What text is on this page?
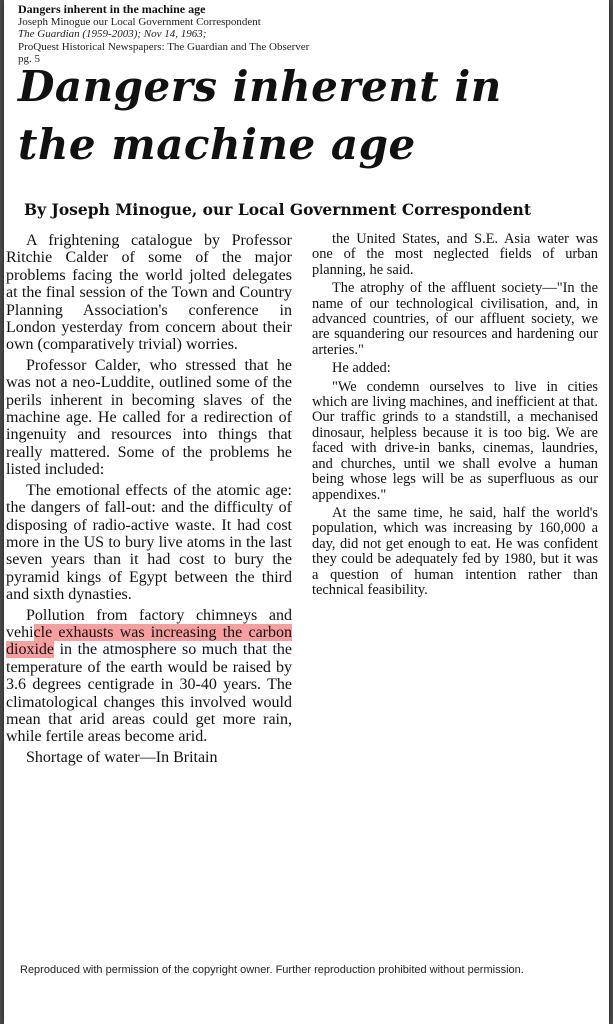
Dangers inherent in the machine age
Joseph Minogue our Local Government Correspondent
The Guardian (1959-2003); Nov 14, 1963;
ProQuest Historical Newspapers: The Guardian and The Observer
pg. 5
Dangers inherent in the machine age
By Joseph Minogue, our Local Government Correspondent

A frightening catalogue by Professor Ritchie Calder of some of the major problems facing the world jolted delegates at the final session of the Town and Country Planning Association's conference in London yesterday from concern about their own (comparatively trivial) worries.

Professor Calder, who stressed that he was not a neo-Luddite, outlined some of the perils inherent in becoming slaves of the machine age. He called for a redirection of ingenuity and resources into things that really mattered. Some of the problems he listed included:

The emotional effects of the atomic age: the dangers of fall-out: and the difficulty of disposing of radio-active waste. It had cost more in the US to bury live atoms in the last seven years than it had cost to bury the pyramid kings of Egypt between the third and sixth dynasties.

Pollution from factory chimneys and vehicle exhausts was increasing the carbon dioxide in the atmosphere so much that the temperature of the earth would be raised by 3.6 degrees centigrade in 30-40 years. The climatological changes this involved would mean that arid areas could get more rain, while fertile areas become arid.

Shortage of water—In Britain

the United States, and S.E. Asia water was one of the most neglected fields of urban planning, he said.

The atrophy of the affluent society—"In the name of our technological civilisation, and, in advanced countries, of our affluent society, we are squandering our resources and hardening our arteries."

He added:

"We condemn ourselves to live in cities which are living machines, and inefficient at that. Our traffic grinds to a standstill, a mechanised dinosaur, helpless because it is too big. We are faced with drive-in banks, cinemas, laundries, and churches, until we shall evolve a human being whose legs will be as superfluous as our appendixes."

At the same time, he said, half the world's population, which was increasing by 160,000 a day, did not get enough to eat. He was confident they could be adequately fed by 1980, but it was a question of human intention rather than technical feasibility.

Reproduced with permission of the copyright owner. Further reproduction prohibited without permission.
